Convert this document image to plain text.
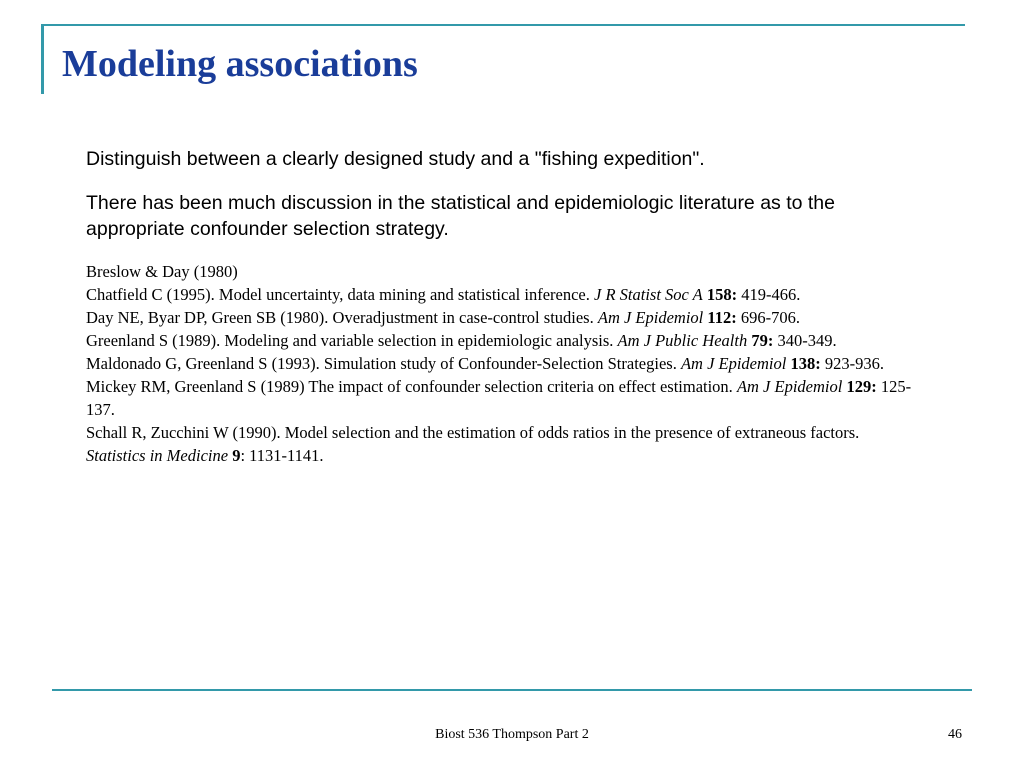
Modeling associations

Distinguish between a clearly designed study and a "fishing expedition".

There has been much discussion in the statistical and epidemiologic literature as to the appropriate confounder selection strategy.

Breslow & Day (1980)

Chatfield C (1995). Model uncertainty, data mining and statistical inference. J R Statist Soc A 158: 419-466.

Day NE, Byar DP, Green SB (1980). Overadjustment in case-control studies. Am J Epidemiol 112: 696-706.

Greenland S (1989). Modeling and variable selection in epidemiologic analysis. Am J Public Health 79: 340-349.

Maldonado G, Greenland S (1993). Simulation study of Confounder-Selection Strategies. Am J Epidemiol 138: 923-936.

Mickey RM, Greenland S (1989) The impact of confounder selection criteria on effect estimation. Am J Epidemiol 129: 125-137.

Schall R, Zucchini W (1990). Model selection and the estimation of odds ratios in the presence of extraneous factors. Statistics in Medicine 9: 1131-1141.

Biost 536 Thompson Part 2	46
